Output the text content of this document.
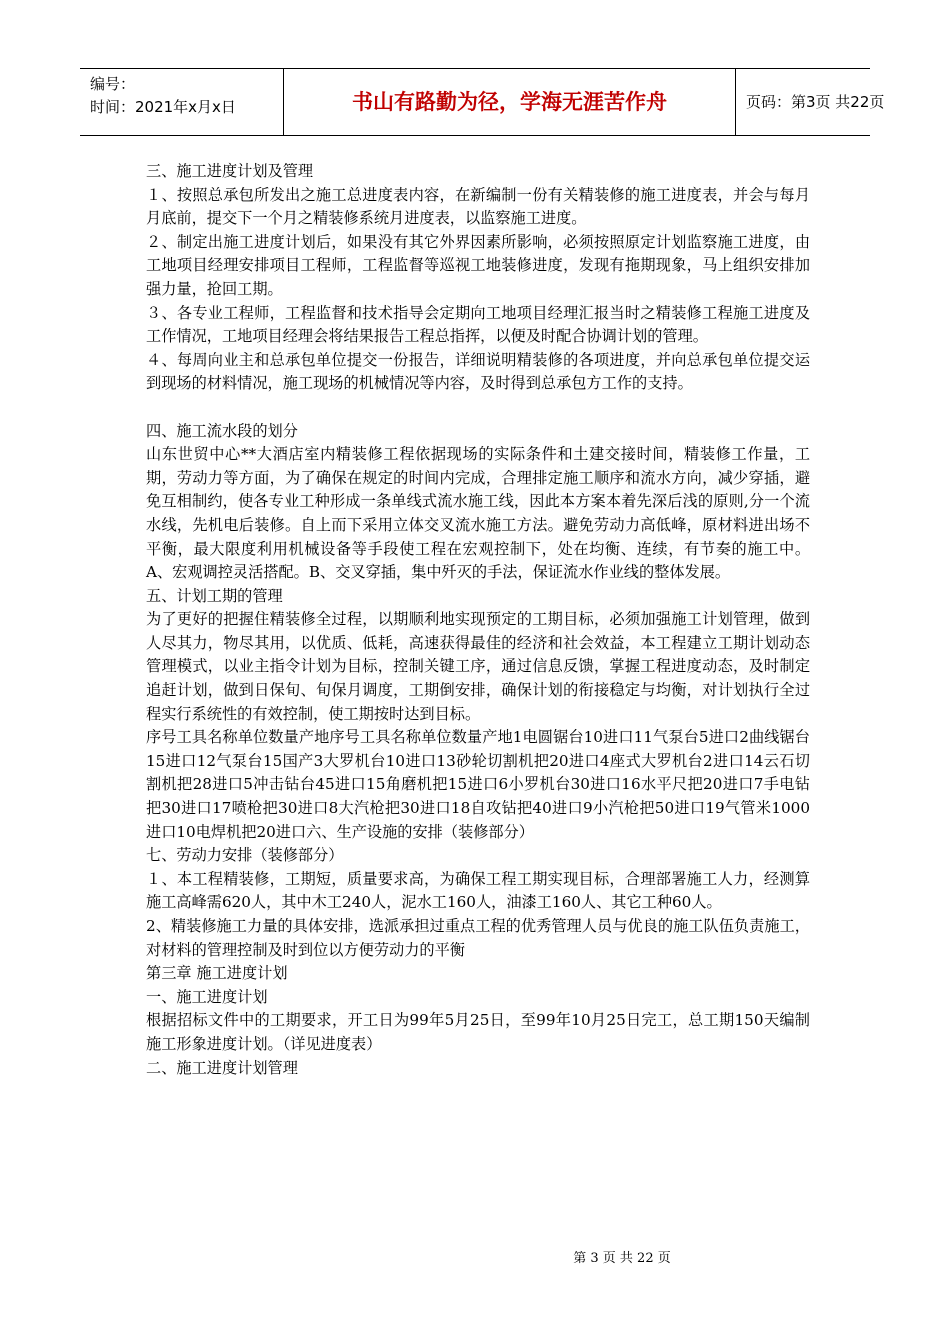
编号：
时间：2021年x月x日	书山有路勤为径，学海无涯苦作舟	页码：第3页 共22页

三、施工进度计划及管理

１、按照总承包所发出之施工总进度表内容，在新编制一份有关精装修的施工进度表，并会与每月月底前，提交下一个月之精装修系统月进度表，以监察施工进度。

２、制定出施工进度计划后，如果没有其它外界因素所影响，必须按照原定计划监察施工进度，由工地项目经理安排项目工程师，工程监督等巡视工地装修进度，发现有拖期现象，马上组织安排加强力量，抢回工期。

３、各专业工程师，工程监督和技术指导会定期向工地项目经理汇报当时之精装修工程施工进度及工作情况，工地项目经理会将结果报告工程总指挥，以便及时配合协调计划的管理。

４、每周向业主和总承包单位提交一份报告，详细说明精装修的各项进度，并向总承包单位提交运到现场的材料情况，施工现场的机械情况等内容，及时得到总承包方工作的支持。

四、施工流水段的划分

山东世贸中心**大酒店室内精装修工程依据现场的实际条件和土建交接时间，精装修工作量，工期，劳动力等方面，为了确保在规定的时间内完成，合理排定施工顺序和流水方向，减少穿插，避免互相制约，使各专业工种形成一条单线式流水施工线，因此本方案本着先深后浅的原则,分一个流水线，先机电后装修。自上而下采用立体交叉流水施工方法。避免劳动力高低峰，原材料进出场不平衡，最大限度利用机械设备等手段使工程在宏观控制下，处在均衡、连续，有节奏的施工中。A、宏观调控灵活搭配。B、交叉穿插，集中歼灭的手法，保证流水作业线的整体发展。

五、计划工期的管理

为了更好的把握住精装修全过程，以期顺利地实现预定的工期目标，必须加强施工计划管理，做到人尽其力，物尽其用，以优质、低耗，高速获得最佳的经济和社会效益，本工程建立工期计划动态管理模式，以业主指令计划为目标，控制关键工序，通过信息反馈，掌握工程进度动态，及时制定追赶计划，做到日保旬、旬保月调度，工期倒安排，确保计划的衔接稳定与均衡，对计划执行全过程实行系统性的有效控制，使工期按时达到目标。

序号工具名称单位数量产地序号工具名称单位数量产地1电圆锯台10进口11气泵台5进口2曲线锯台15进口12气泵台15国产3大罗机台10进口13砂轮切割机把20进口4座式大罗机台2进口14云石切割机把28进口5冲击钻台45进口15角磨机把15进口6小罗机台30进口16水平尺把20进口7手电钻把30进口17喷枪把30进口8大汽枪把30进口18自攻钻把40进口9小汽枪把50进口19气管米1000进口10电焊机把20进口六、生产设施的安排（装修部分）

七、劳动力安排（装修部分）

１、本工程精装修，工期短，质量要求高，为确保工程工期实现目标，合理部署施工人力，经测算施工高峰需620人，其中木工240人，泥水工160人，油漆工160人、其它工种60人。

2、精装修施工力量的具体安排，选派承担过重点工程的优秀管理人员与优良的施工队伍负责施工，对材料的管理控制及时到位以方便劳动力的平衡

第三章 施工进度计划

一、施工进度计划

根据招标文件中的工期要求，开工日为99年5月25日，至99年10月25日完工，总工期150天编制施工形象进度计划。（详见进度表）

二、施工进度计划管理

第 3 页 共 22 页
